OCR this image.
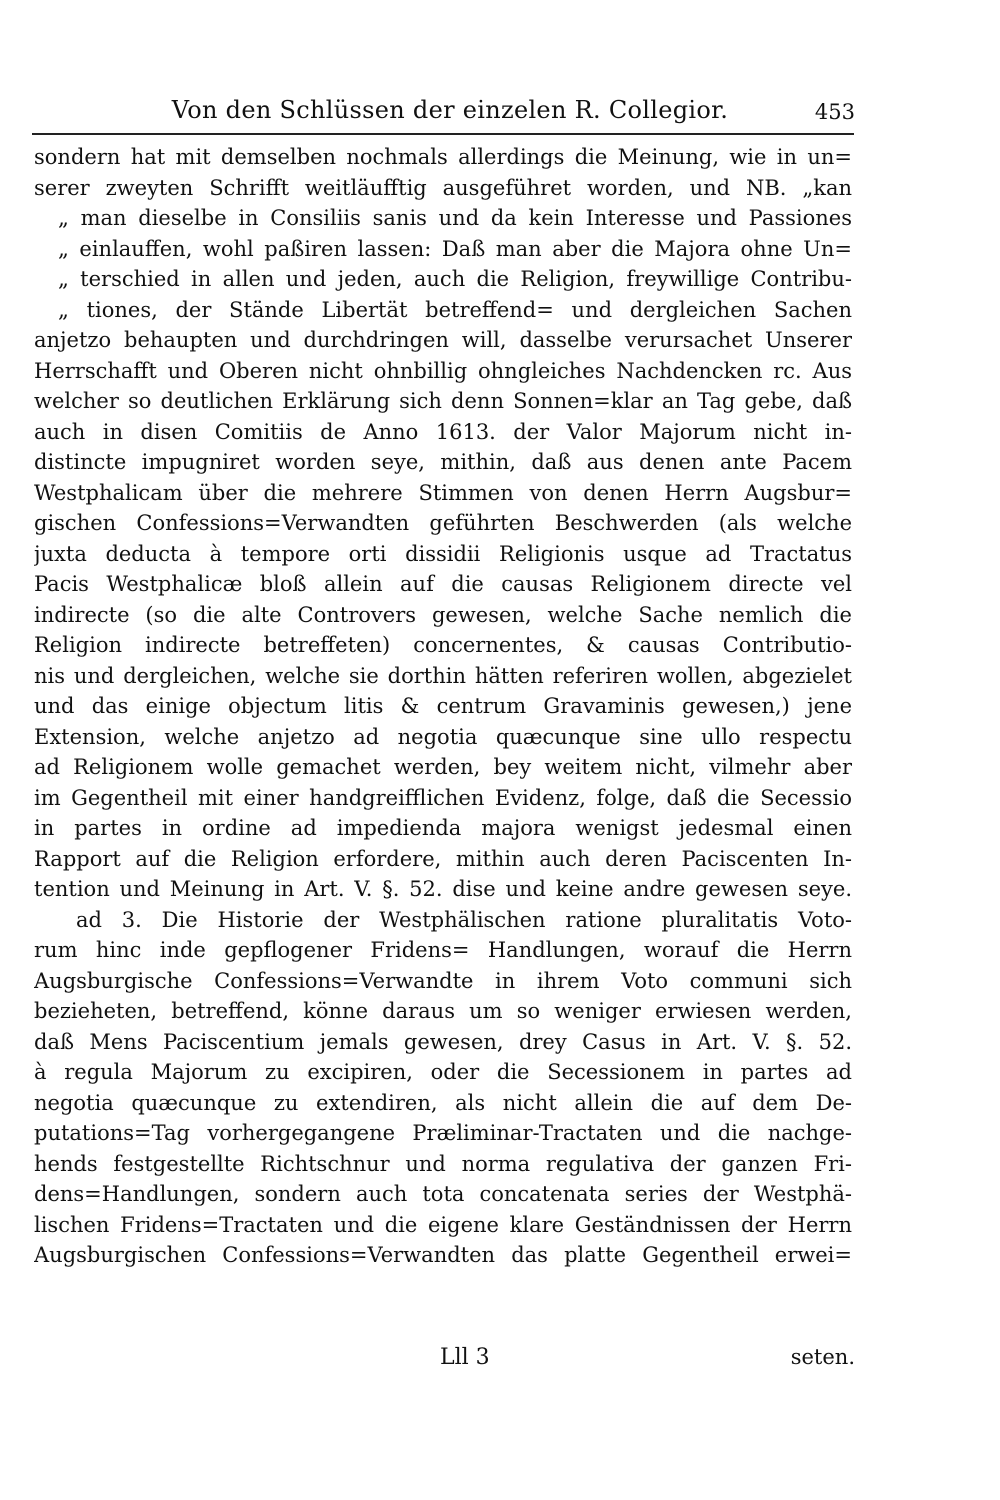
Von den Schlüssen der einzelen R. Collegior.	453
sondern hat mit demselben nochmals allerdings die Meinung, wie in un=
serer zweyten Schrifft weitläufftig ausgeführet worden, und NB. „kan
„ man dieselbe in Consiliis sanis und da kein Interesse und Passiones
„ einlauffen, wohl paßiren lassen: Daß man aber die Majora ohne Un=
„ terschied in allen und jeden, auch die Religion, freywillige Contribu-
„ tiones, der Stände Libertät betreffend= und dergleichen Sachen
anjetzo behaupten und durchdringen will, dasselbe verursachet Unserer
Herrschafft und Oberen nicht ohnbillig ohngleiches Nachdencken rc. Aus
welcher so deutlichen Erklärung sich denn Sonnen=klar an Tag gebe, daß
auch in disen Comitiis de Anno 1613. der Valor Majorum nicht in-
distincte impugniret worden seye, mithin, daß aus denen ante Pacem
Westphalicam über die mehrere Stimmen von denen Herrn Augsbur=
gischen Confessions=Verwandten geführten Beschwerden (als welche
juxta deducta à tempore orti dissidii Religionis usque ad Tractatus
Pacis Westphalicæ bloß allein auf die causas Religionem directe vel
indirecte (so die alte Controvers gewesen, welche Sache nemlich die
Religion indirecte betreffeten) concernentes, & causas Contributio-
nis und dergleichen, welche sie dorthin hätten referiren wollen, abgezielet
und das einige objectum litis & centrum Gravaminis gewesen,) jene
Extension, welche anjetzo ad negotia quæcunque sine ullo respectu
ad Religionem wolle gemachet werden, bey weitem nicht, vilmehr aber
im Gegentheil mit einer handgreifflichen Evidenz, folge, daß die Secessio
in partes in ordine ad impedienda majora wenigst jedesmal einen
Rapport auf die Religion erfordere, mithin auch deren Paciscenten In-
tention und Meinung in Art. V. §. 52. dise und keine andre gewesen seye.
ad 3. Die Historie der Westphälischen ratione pluralitatis Voto-
rum hinc inde gepflogener Fridens= Handlungen, worauf die Herrn
Augsburgische Confessions=Verwandte in ihrem Voto communi sich
bezieheten, betreffend, könne daraus um so weniger erwiesen werden,
daß Mens Paciscentium jemals gewesen, drey Casus in Art. V. §. 52.
à regula Majorum zu excipiren, oder die Secessionem in partes ad
negotia quæcunque zu extendiren, als nicht allein die auf dem De-
putations=Tag vorhergegangene Præliminar-Tractaten und die nachge-
hends festgestellte Richtschnur und norma regulativa der ganzen Fri-
dens=Handlungen, sondern auch tota concatenata series der Westphä-
lischen Fridens=Tractaten und die eigene klare Geständnissen der Herrn
Augsburgischen Confessions=Verwandten das platte Gegentheil erwei=
Lll 3	seten.
